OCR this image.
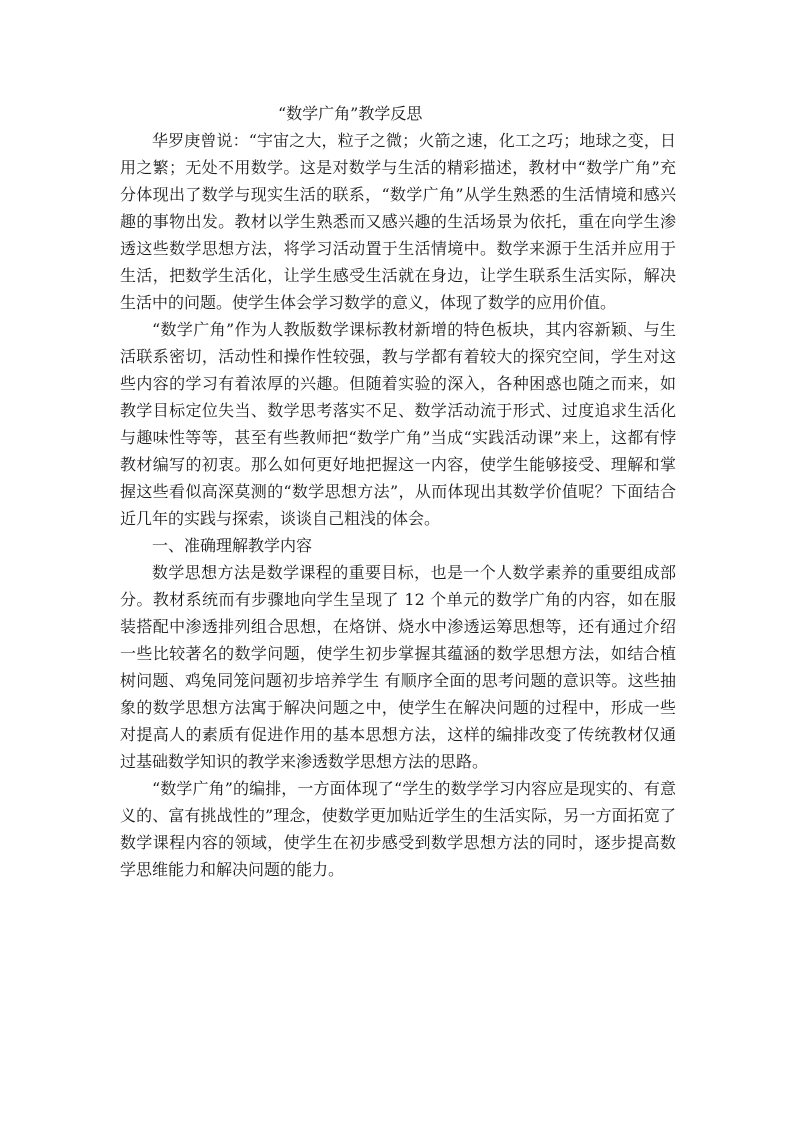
“数学广角”教学反思

华罗庚曾说：“宇宙之大，粒子之微；火箭之速，化工之巧；地球之变，日用之繁；无处不用数学。这是对数学与生活的精彩描述，教材中“数学广角”充分体现出了数学与现实生活的联系，“数学广角”从学生熟悉的生活情境和感兴趣的事物出发。教材以学生熟悉而又感兴趣的生活场景为依托，重在向学生渗透这些数学思想方法，将学习活动置于生活情境中。数学来源于生活并应用于生活，把数学生活化，让学生感受生活就在身边，让学生联系生活实际，解决生活中的问题。使学生体会学习数学的意义，体现了数学的应用价值。

“数学广角”作为人教版数学课标教材新增的特色板块，其内容新颖、与生活联系密切，活动性和操作性较强，教与学都有着较大的探究空间，学生对这些内容的学习有着浓厚的兴趣。但随着实验的深入，各种困惑也随之而来，如教学目标定位失当、数学思考落实不足、数学活动流于形式、过度追求生活化与趣味性等等，甚至有些教师把“数学广角”当成“实践活动课”来上，这都有悖教材编写的初衷。那么如何更好地把握这一内容，使学生能够接受、理解和掌握这些看似高深莫测的“数学思想方法”，从而体现出其数学价值呢？下面结合近几年的实践与探索，谈谈自己粗浅的体会。

一、准确理解教学内容

数学思想方法是数学课程的重要目标，也是一个人数学素养的重要组成部分。教材系统而有步骤地向学生呈现了 12 个单元的数学广角的内容，如在服装搭配中渗透排列组合思想，在烙饼、烧水中渗透运筹思想等，还有通过介绍一些比较著名的数学问题，使学生初步掌握其蕴涵的数学思想方法，如结合植树问题、鸡兔同笼问题初步培养学生 有顺序全面的思考问题的意识等。这些抽象的数学思想方法寓于解决问题之中，使学生在解决问题的过程中，形成一些对提高人的素质有促进作用的基本思想方法，这样的编排改变了传统教材仅通过基础数学知识的教学来渗透数学思想方法的思路。

“数学广角”的编排，一方面体现了“学生的数学学习内容应是现实的、有意义的、富有挑战性的”理念，使数学更加贴近学生的生活实际，另一方面拓宽了数学课程内容的领域，使学生在初步感受到数学思想方法的同时，逐步提高数学思维能力和解决问题的能力。
